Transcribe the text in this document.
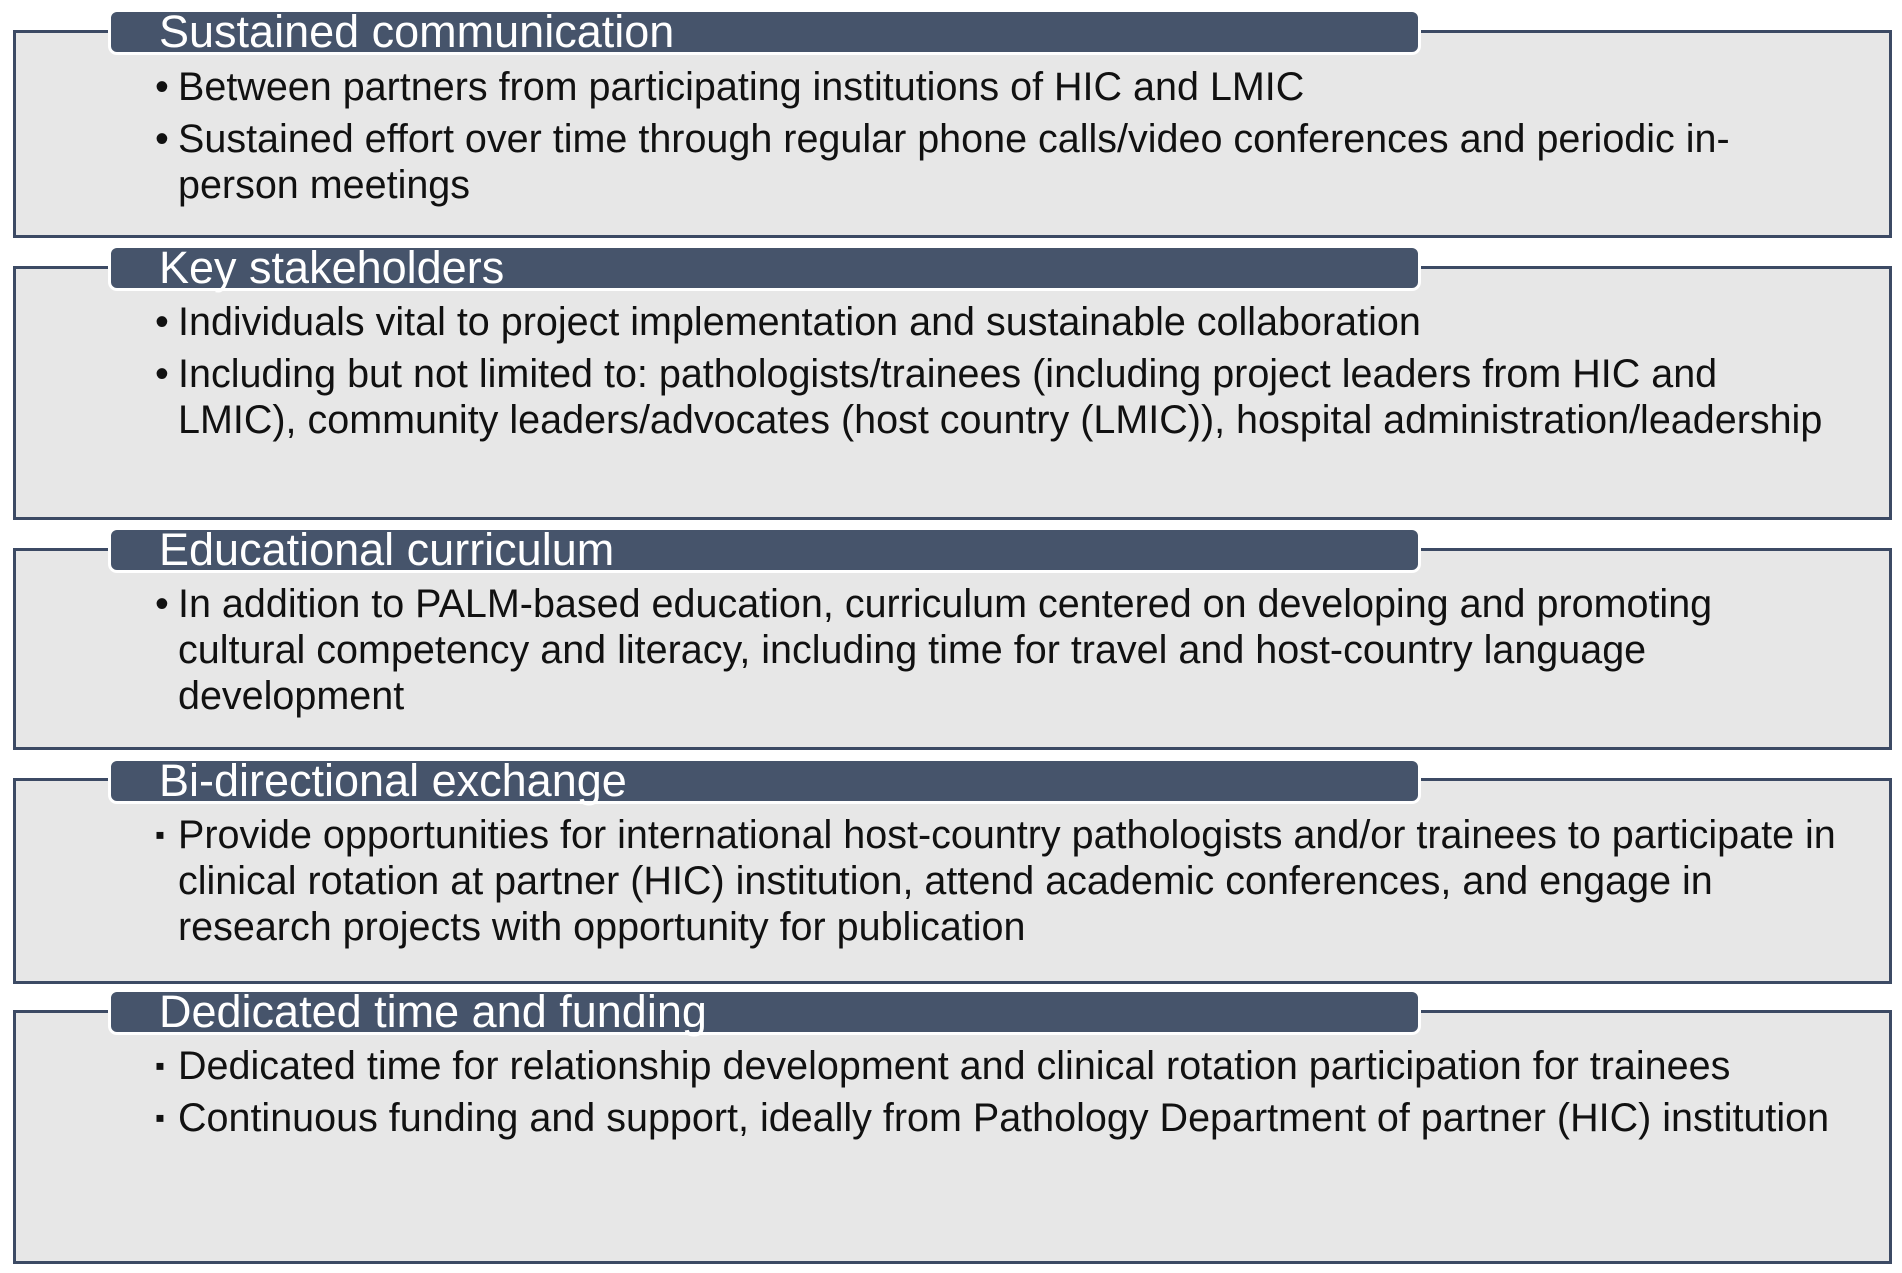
Sustained communication
• Between partners from participating institutions of HIC and LMIC
• Sustained effort over time through regular phone calls/video conferences and periodic in-person meetings
Key stakeholders
• Individuals vital to project implementation and sustainable collaboration
• Including but not limited to: pathologists/trainees (including project leaders from HIC and LMIC), community leaders/advocates (host country (LMIC)), hospital administration/leadership
Educational curriculum
• In addition to PALM-based education, curriculum centered on developing and promoting cultural competency and literacy, including time for travel and host-country language development
Bi-directional exchange
▪ Provide opportunities for international host-country pathologists and/or trainees to participate in clinical rotation at partner (HIC) institution, attend academic conferences, and engage in research projects with opportunity for publication
Dedicated time and funding
▪ Dedicated time for relationship development and clinical rotation participation for trainees
▪ Continuous funding and support, ideally from Pathology Department of partner (HIC) institution
